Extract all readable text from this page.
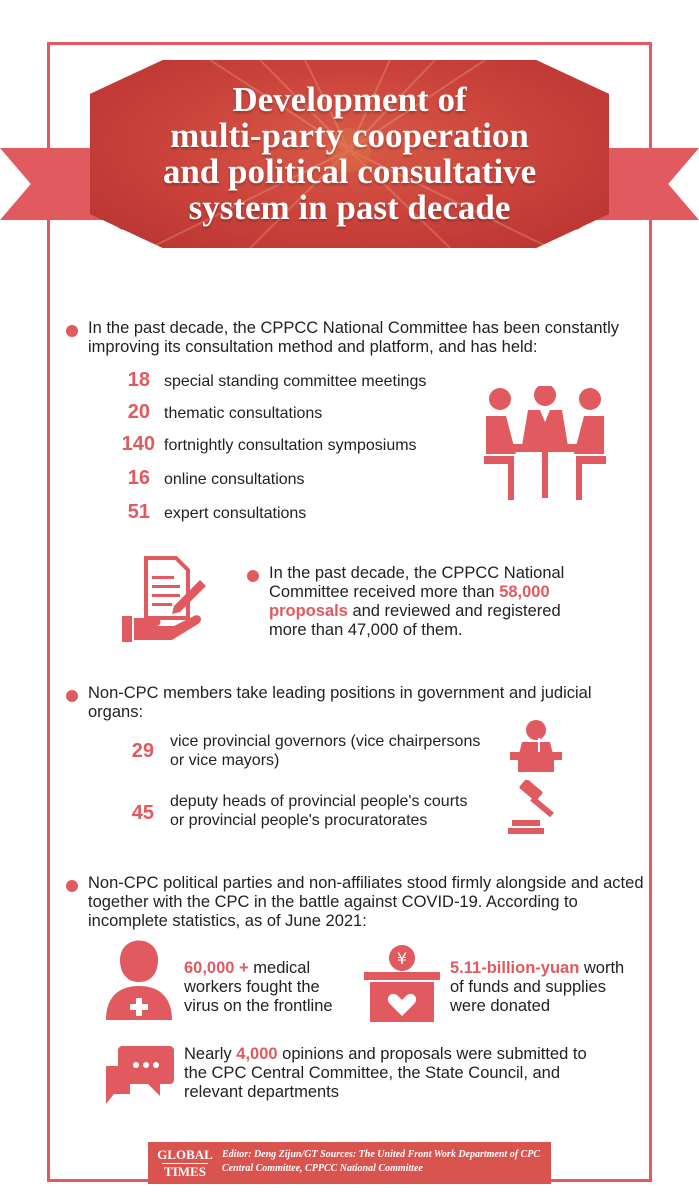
Development of
multi-party cooperation
and political consultative
system in past decade
In the past decade, the CPPCC National Committee has been constantly improving its consultation method and platform, and has held:
18 special standing committee meetings
20 thematic consultations
140 fortnightly consultation symposiums
16 online consultations
51 expert consultations
In the past decade, the CPPCC National Committee received more than 58,000 proposals and reviewed and registered more than 47,000 of them.
Non-CPC members take leading positions in government and judicial organs:
29 vice provincial governors (vice chairpersons
or vice mayors)
45
deputy heads of provincial people's courts
or provincial people's procuratorates
Non-CPC political parties and non-affiliates stood firmly alongside and acted together with the CPC in the battle against COVID-19. According to incomplete statistics, as of June 2021:
60,000 + medical workers fought the virus on the frontline
¥	5.11-billion-yuan worth of funds and supplies were donated
Nearly 4,000 opinions and proposals were submitted to the CPC Central Committee, the State Council, and relevant departments
GLOBAL
TIMES
Editor: Deng Zijun/GT Sources: The United Front Work Department of CPC Central Committee, CPPCC National Committee
